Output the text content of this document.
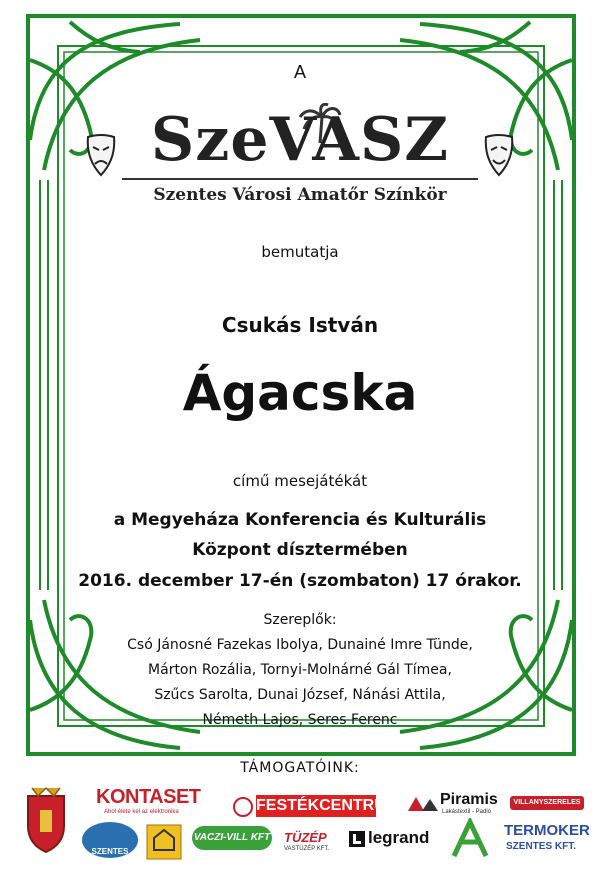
A
SzeVASZ
Szentes Városi Amatőr Színkör
bemutatja
Csukás István
Ágacska
című mesejátékát
a Megyeháza Konferencia és Kulturális
Központ dísztermében
2016. december 17-én (szombaton) 17 órakor.
Szereplők:
Csó Jánosné Fazekas Ibolya, Dunainé Imre Tünde,
Márton Rozália, Tornyi-Molnárné Gál Tímea,
Szűcs Sarolta, Dunai József, Nánási Attila,
Németh Lajos, Seres Ferenc
TÁMOGATÓINK:
KONTASET
Ahol élete kel az elektronika	FESTÉKCENTRUM	Piramis
Lakástextil - Padló
VILLANYSZERELES
SZENTES
VACZI-VILL KFT TÜZÉP
VASTÜZÉP KFT.
legrand	TERMOKER
SZENTES KFT.
